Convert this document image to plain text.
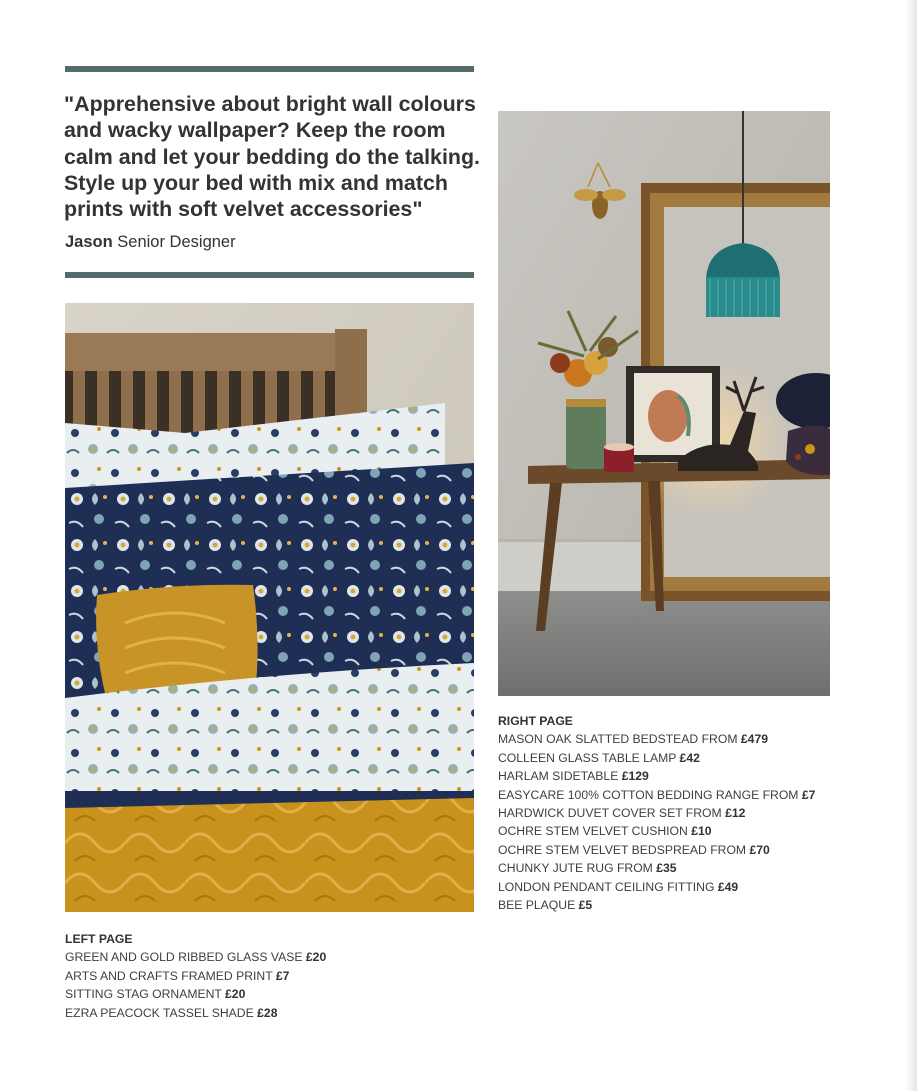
"Apprehensive about bright wall colours and wacky wallpaper? Keep the room calm and let your bedding do the talking. Style up your bed with mix and match prints with soft velvet accessories"

Jason Senior Designer

RIGHT PAGE
MASON OAK SLATTED BEDSTEAD FROM £479
COLLEEN GLASS TABLE LAMP £42
HARLAM SIDETABLE £129
EASYCARE 100% COTTON BEDDING RANGE FROM £7
HARDWICK DUVET COVER SET FROM £12
OCHRE STEM VELVET CUSHION £10
OCHRE STEM VELVET BEDSPREAD FROM £70
CHUNKY JUTE RUG FROM £35
LONDON PENDANT CEILING FITTING £49
BEE PLAQUE £5
LEFT PAGE
GREEN AND GOLD RIBBED GLASS VASE £20
ARTS AND CRAFTS FRAMED PRINT £7
SITTING STAG ORNAMENT £20
EZRA PEACOCK TASSEL SHADE £28
